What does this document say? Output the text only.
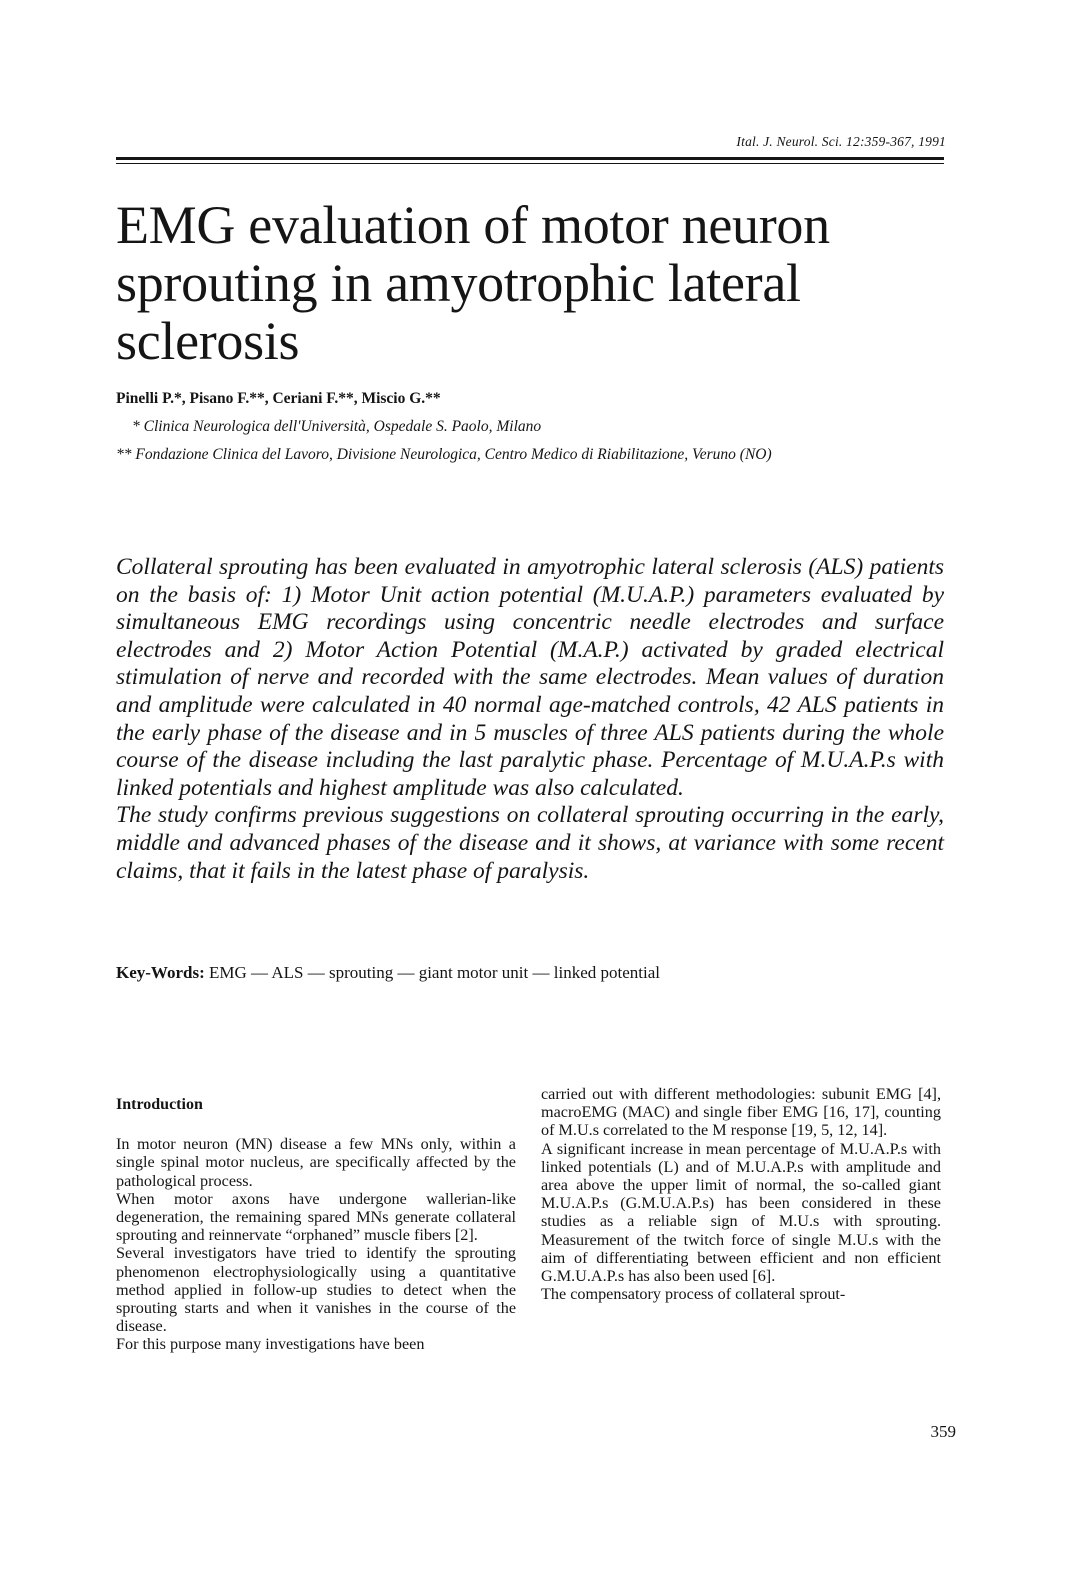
Ital. J. Neurol. Sci. 12:359-367, 1991
EMG evaluation of motor neuron sprouting in amyotrophic lateral sclerosis
Pinelli P.*, Pisano F.**, Ceriani F.**, Miscio G.**
* Clinica Neurologica dell'Università, Ospedale S. Paolo, Milano
** Fondazione Clinica del Lavoro, Divisione Neurologica, Centro Medico di Riabilitazione, Veruno (NO)

Collateral sprouting has been evaluated in amyotrophic lateral sclerosis (ALS) patients on the basis of: 1) Motor Unit action potential (M.U.A.P.) parameters evaluated by simultaneous EMG recordings using concentric needle electrodes and surface electrodes and 2) Motor Action Potential (M.A.P.) activated by graded electrical stimulation of nerve and recorded with the same electrodes. Mean values of duration and amplitude were calculated in 40 normal age-matched controls, 42 ALS patients in the early phase of the disease and in 5 muscles of three ALS patients during the whole course of the disease including the last paralytic phase. Percentage of M.U.A.P.s with linked potentials and highest amplitude was also calculated.

The study confirms previous suggestions on collateral sprouting occurring in the early, middle and advanced phases of the disease and it shows, at variance with some recent claims, that it fails in the latest phase of paralysis.

Key-Words: EMG — ALS — sprouting — giant motor unit — linked potential
Introduction

In motor neuron (MN) disease a few MNs only, within a single spinal motor nucleus, are specifically affected by the pathological process.

When motor axons have undergone wallerian-like degeneration, the remaining spared MNs generate collateral sprouting and reinnervate “orphaned” muscle fibers [2].

Several investigators have tried to identify the sprouting phenomenon electrophysiologically using a quantitative method applied in follow-up studies to detect when the sprouting starts and when it vanishes in the course of the disease.

For this purpose many investigations have been

carried out with different methodologies: subunit EMG [4], macroEMG (MAC) and single fiber EMG [16, 17], counting of M.U.s correlated to the M response [19, 5, 12, 14].

A significant increase in mean percentage of M.U.A.P.s with linked potentials (L) and of M.U.A.P.s with amplitude and area above the upper limit of normal, the so-called giant M.U.A.P.s (G.M.U.A.P.s) has been considered in these studies as a reliable sign of M.U.s with sprouting. Measurement of the twitch force of single M.U.s with the aim of differentiating between efficient and non efficient G.M.U.A.P.s has also been used [6].

The compensatory process of collateral sprout-

359
